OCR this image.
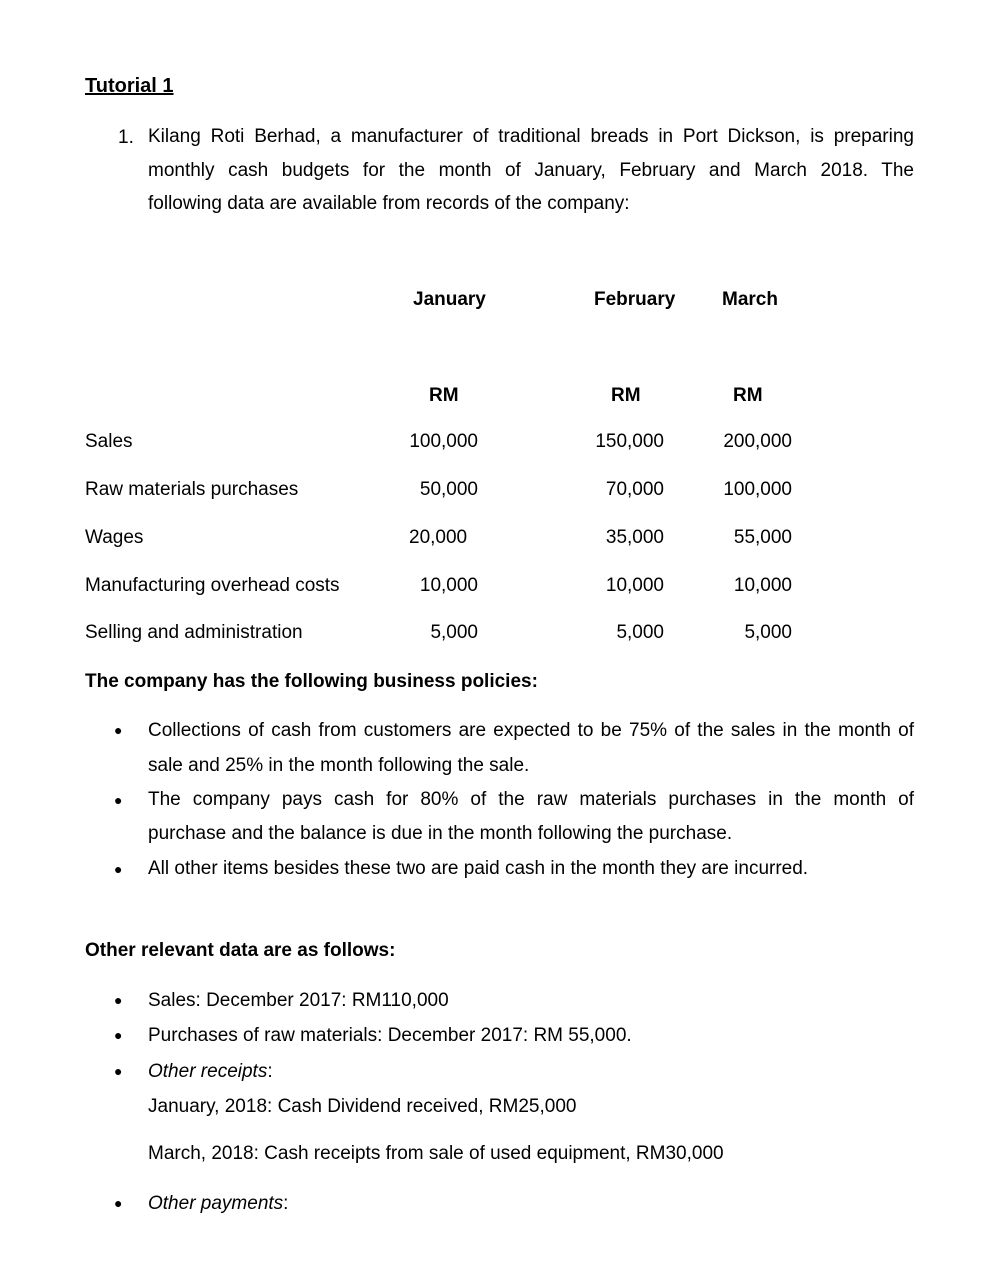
Tutorial 1
1. Kilang Roti Berhad, a manufacturer of traditional breads in Port Dickson, is preparing
monthly cash budgets for the month of January, February and March 2018. The
following data are available from records of the company:
January	February March
RM	RM	RM
Sales	100,000	150,000	200,000
Raw materials purchases	50,000	70,000	100,000
Wages	20,000	35,000	55,000
Manufacturing overhead costs	10,000	10,000	10,000
Selling and administration	5,000	5,000	5,000
The company has the following business policies:
● Collections of cash from customers are expected to be 75% of the sales in the month of
sale and 25% in the month following the sale.
● The company pays cash for 80% of the raw materials purchases in the month of
purchase and the balance is due in the month following the purchase.
● All other items besides these two are paid cash in the month they are incurred.
Other relevant data are as follows:
● Sales: December 2017: RM110,000
● Purchases of raw materials: December 2017: RM 55,000.
● Other receipts:
January, 2018: Cash Dividend received, RM25,000
March, 2018: Cash receipts from sale of used equipment, RM30,000
● Other payments:
